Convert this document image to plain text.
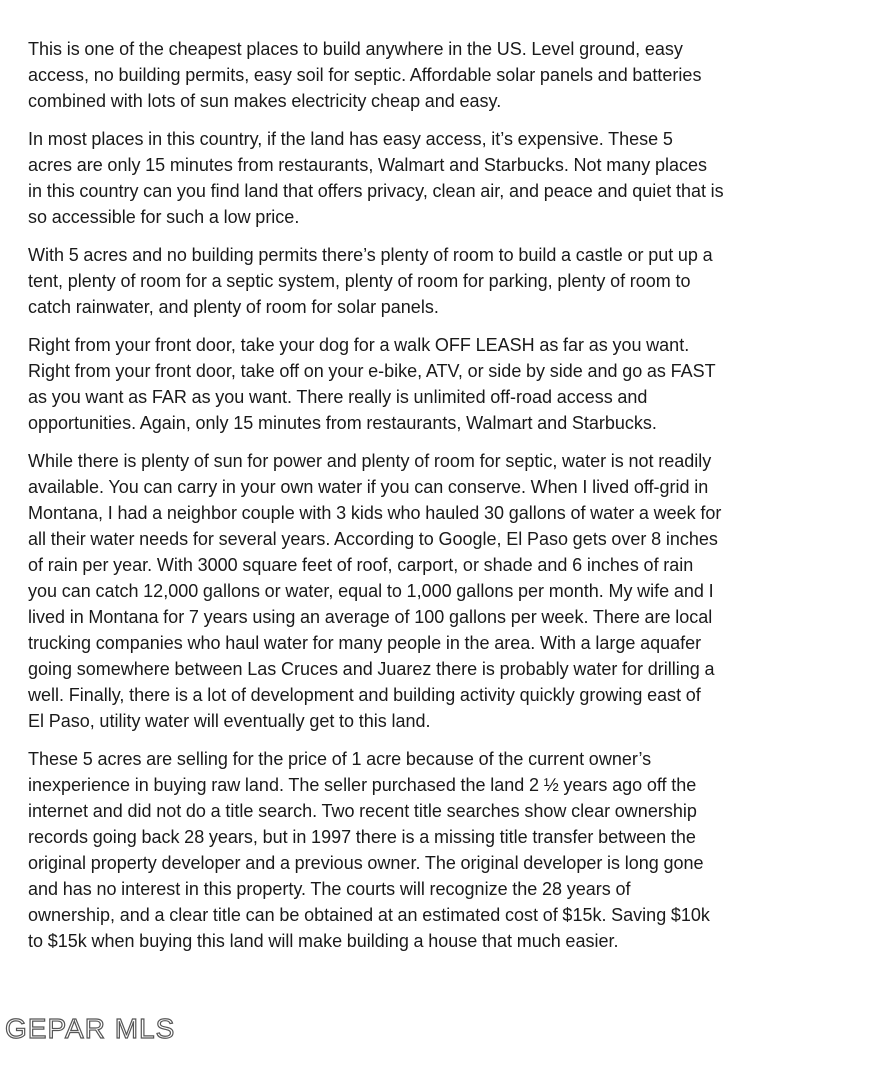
This is one of the cheapest places to build anywhere in the US. Level ground, easy
access, no building permits, easy soil for septic. Affordable solar panels and batteries
combined with lots of sun makes electricity cheap and easy.

In most places in this country, if the land has easy access, it’s expensive. These 5
acres are only 15 minutes from restaurants, Walmart and Starbucks. Not many places
in this country can you find land that offers privacy, clean air, and peace and quiet that is
so accessible for such a low price.

With 5 acres and no building permits there’s plenty of room to build a castle or put up a
tent, plenty of room for a septic system, plenty of room for parking, plenty of room to
catch rainwater, and plenty of room for solar panels.

Right from your front door, take your dog for a walk OFF LEASH as far as you want.
Right from your front door, take off on your e-bike, ATV, or side by side and go as FAST
as you want as FAR as you want. There really is unlimited off-road access and
opportunities. Again, only 15 minutes from restaurants, Walmart and Starbucks.

While there is plenty of sun for power and plenty of room for septic, water is not readily
available. You can carry in your own water if you can conserve. When I lived off-grid in
Montana, I had a neighbor couple with 3 kids who hauled 30 gallons of water a week for
all their water needs for several years. According to Google, El Paso gets over 8 inches
of rain per year. With 3000 square feet of roof, carport, or shade and 6 inches of rain
you can catch 12,000 gallons or water, equal to 1,000 gallons per month. My wife and I
lived in Montana for 7 years using an average of 100 gallons per week. There are local
trucking companies who haul water for many people in the area. With a large aquafer
going somewhere between Las Cruces and Juarez there is probably water for drilling a
well. Finally, there is a lot of development and building activity quickly growing east of
El Paso, utility water will eventually get to this land.

These 5 acres are selling for the price of 1 acre because of the current owner’s
inexperience in buying raw land. The seller purchased the land 2 ½ years ago off the
internet and did not do a title search. Two recent title searches show clear ownership
records going back 28 years, but in 1997 there is a missing title transfer between the
original property developer and a previous owner. The original developer is long gone
and has no interest in this property. The courts will recognize the 28 years of
ownership, and a clear title can be obtained at an estimated cost of $15k. Saving $10k
to $15k when buying this land will make building a house that much easier.

GEPAR MLS
